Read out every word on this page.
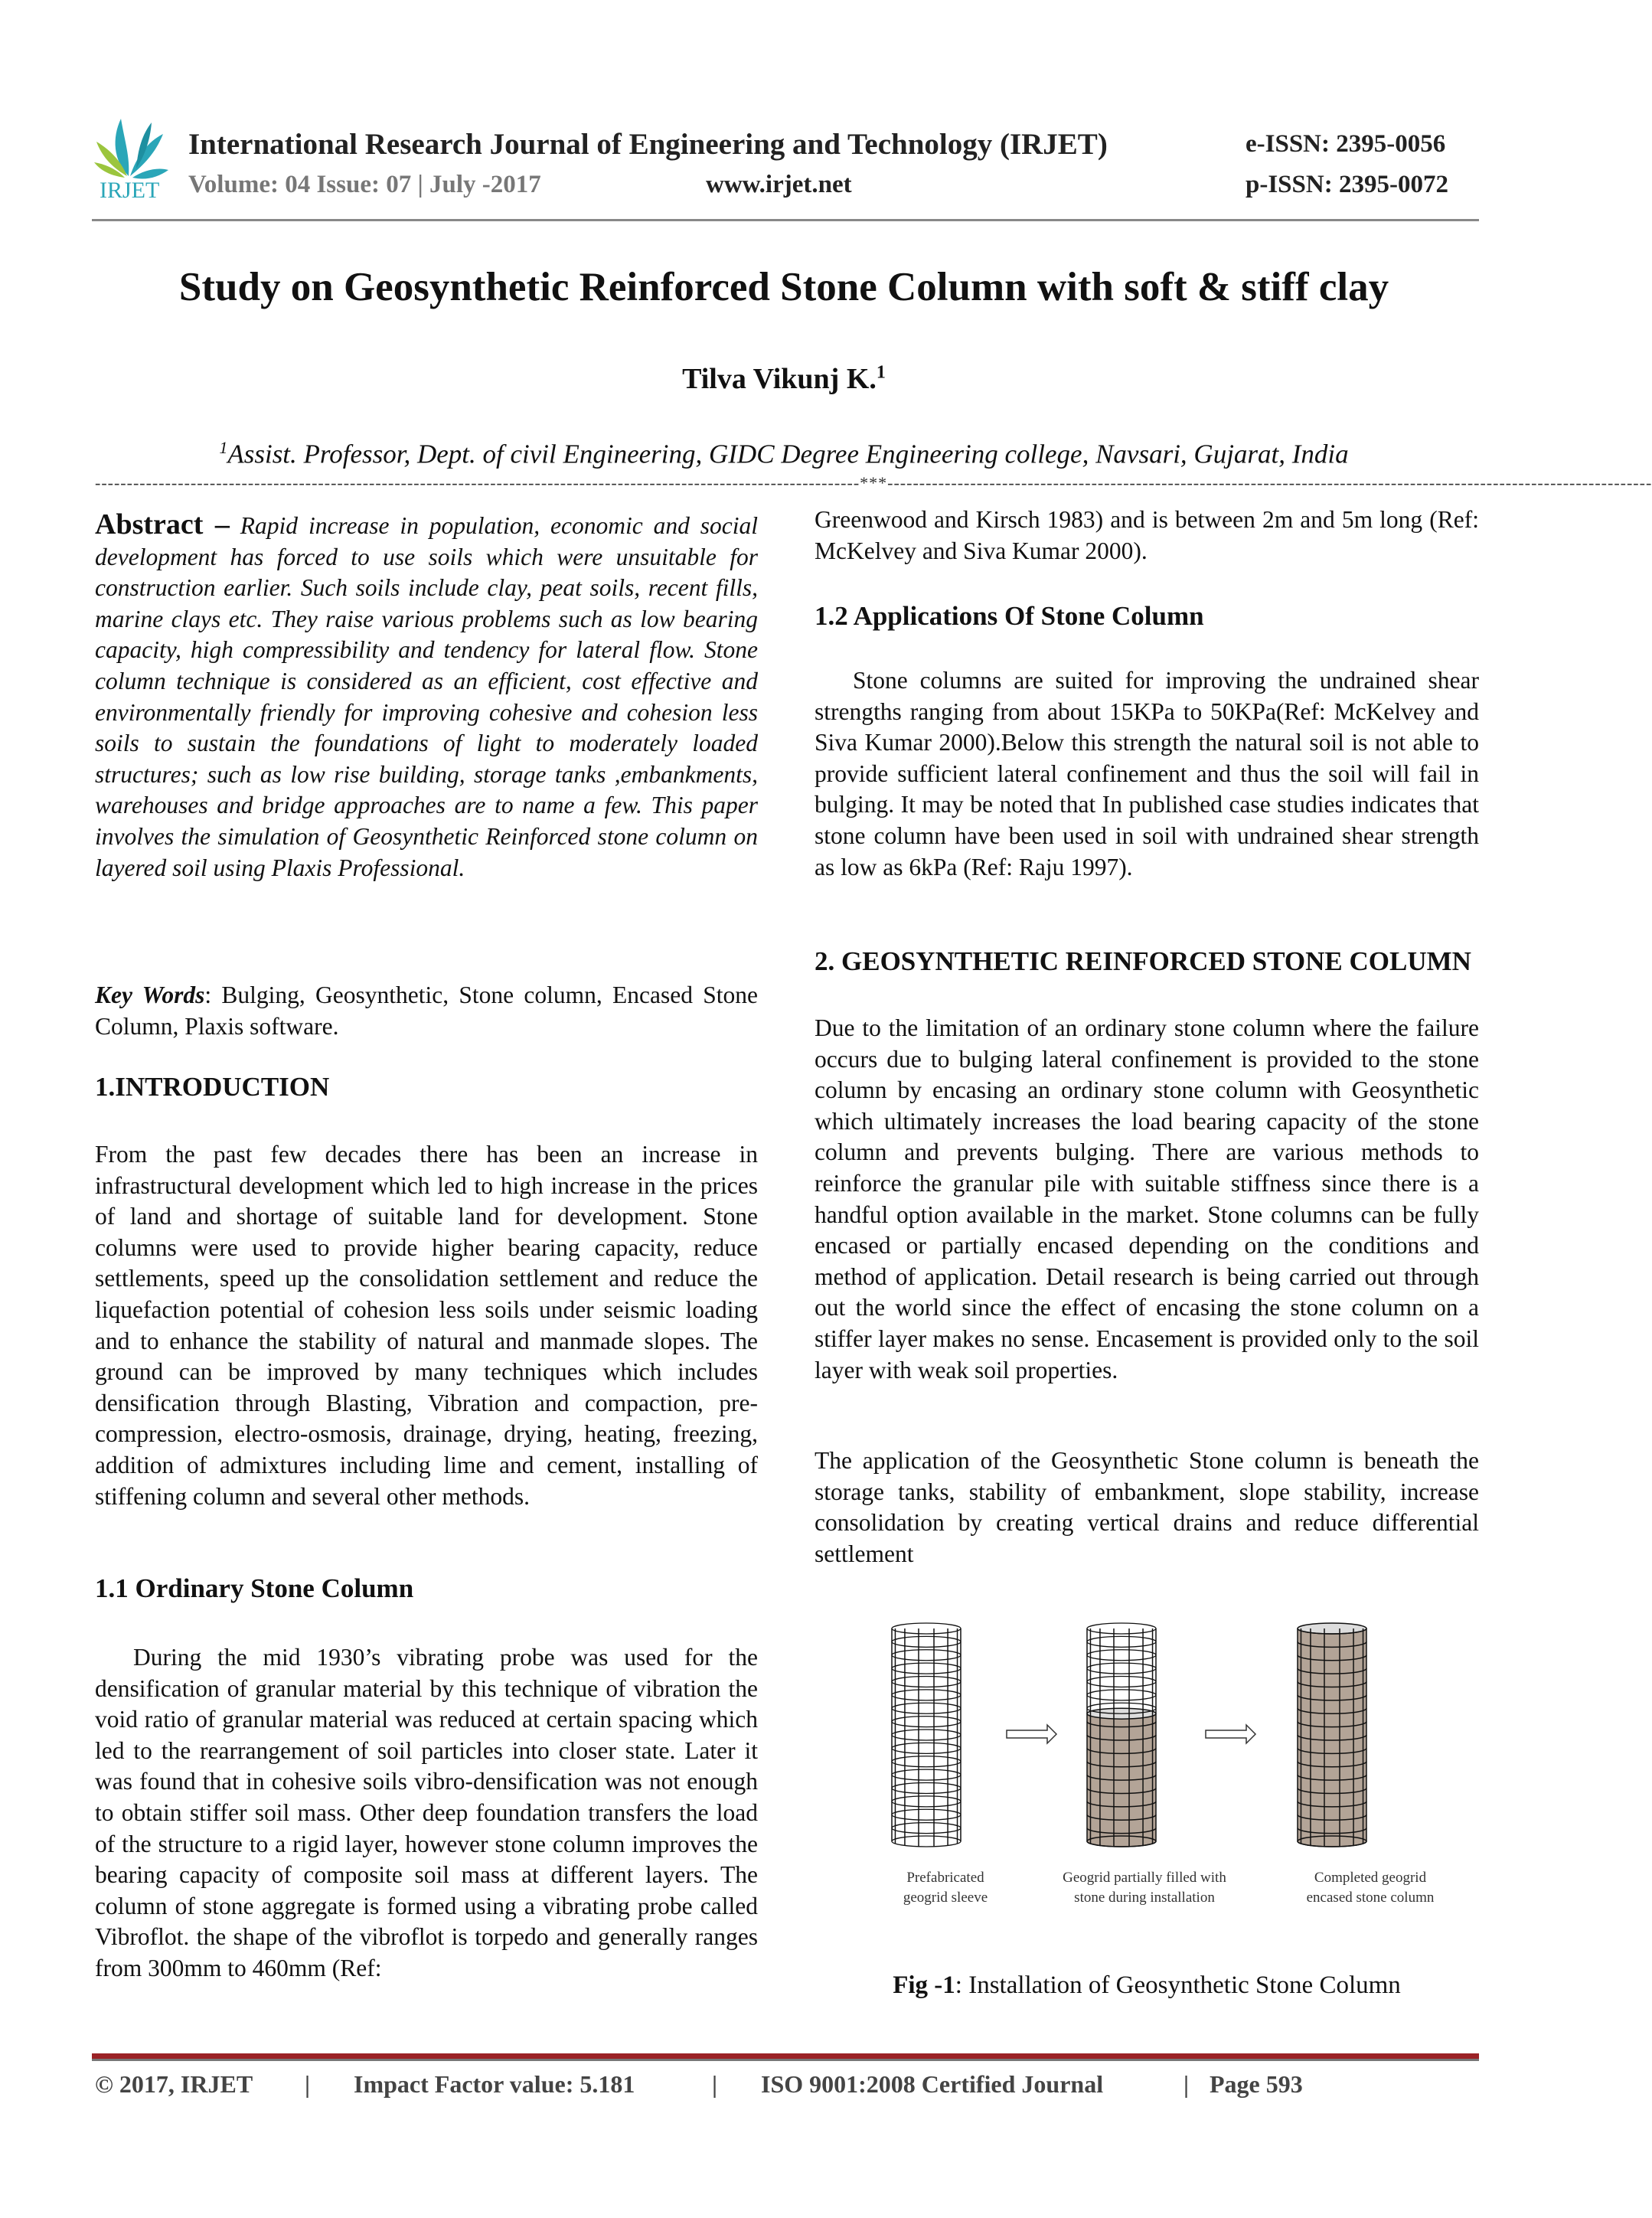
IRJET
International Research Journal of Engineering and Technology (IRJET)
Volume: 04 Issue: 07 | July -2017	www.irjet.net
e-ISSN: 2395-0056
p-ISSN: 2395-0072
Study on Geosynthetic Reinforced Stone Column with soft & stiff clay
Tilva Vikunj K.$^1$
$^1$Assist. Professor, Dept. of civil Engineering, GIDC Degree Engineering college, Navsari, Gujarat, India
------------------------------------------------------------------------------------------------------------------------***------------------------------------------------------------------------------------------------------------------------
Abstract – Rapid increase in population, economic and social development has forced to use soils which were unsuitable for construction earlier. Such soils include clay, peat soils, recent fills, marine clays etc. They raise various problems such as low bearing capacity, high compressibility and tendency for lateral flow. Stone column technique is considered as an efficient, cost effective and environmentally friendly for improving cohesive and cohesion less soils to sustain the foundations of light to moderately loaded structures; such as low rise building, storage tanks ,embankments, warehouses and bridge approaches are to name a few. This paper involves the simulation of Geosynthetic Reinforced stone column on layered soil using Plaxis Professional.
Key Words: Bulging, Geosynthetic, Stone column, Encased Stone Column, Plaxis software.
1.INTRODUCTION
From the past few decades there has been an increase in infrastructural development which led to high increase in the prices of land and shortage of suitable land for development. Stone columns were used to provide higher bearing capacity, reduce settlements, speed up the consolidation settlement and reduce the liquefaction potential of cohesion less soils under seismic loading and to enhance the stability of natural and manmade slopes. The ground can be improved by many techniques which includes densification through Blasting, Vibration and compaction, pre-compression, electro-osmosis, drainage, drying, heating, freezing, addition of admixtures including lime and cement, installing of stiffening column and several other methods.
1.1 Ordinary Stone Column
During the mid 1930’s vibrating probe was used for the densification of granular material by this technique of vibration the void ratio of granular material was reduced at certain spacing which led to the rearrangement of soil particles into closer state. Later it was found that in cohesive soils vibro-densification was not enough to obtain stiffer soil mass. Other deep foundation transfers the load of the structure to a rigid layer, however stone column improves the bearing capacity of composite soil mass at different layers. The column of stone aggregate is formed using a vibrating probe called Vibroflot. the shape of the vibroflot is torpedo and generally ranges from 300mm to 460mm (Ref:
Greenwood and Kirsch 1983) and is between 2m and 5m long (Ref: McKelvey and Siva Kumar 2000).
1.2 Applications Of Stone Column
Stone columns are suited for improving the undrained shear strengths ranging from about 15KPa to 50KPa(Ref: McKelvey and Siva Kumar 2000).Below this strength the natural soil is not able to provide sufficient lateral confinement and thus the soil will fail in bulging. It may be noted that In published case studies indicates that stone column have been used in soil with undrained shear strength as low as 6kPa (Ref: Raju 1997).
2. GEOSYNTHETIC REINFORCED STONE COLUMN
Due to the limitation of an ordinary stone column where the failure occurs due to bulging lateral confinement is provided to the stone column by encasing an ordinary stone column with Geosynthetic which ultimately increases the load bearing capacity of the stone column and prevents bulging. There are various methods to reinforce the granular pile with suitable stiffness since there is a handful option available in the market. Stone columns can be fully encased or partially encased depending on the conditions and method of application. Detail research is being carried out through out the world since the effect of encasing the stone column on a stiffer layer makes no sense. Encasement is provided only to the soil layer with weak soil properties.
The application of the Geosynthetic Stone column is beneath the storage tanks, stability of embankment, slope stability, increase consolidation by creating vertical drains and reduce differential settlement
Prefabricated
geogrid sleeve
Geogrid partially filled with
stone during installation
Completed geogrid
encased stone column
Fig -1: Installation of Geosynthetic Stone Column
© 2017, IRJET | Impact Factor value: 5.181	| ISO 9001:2008 Certified Journal	| Page 593
